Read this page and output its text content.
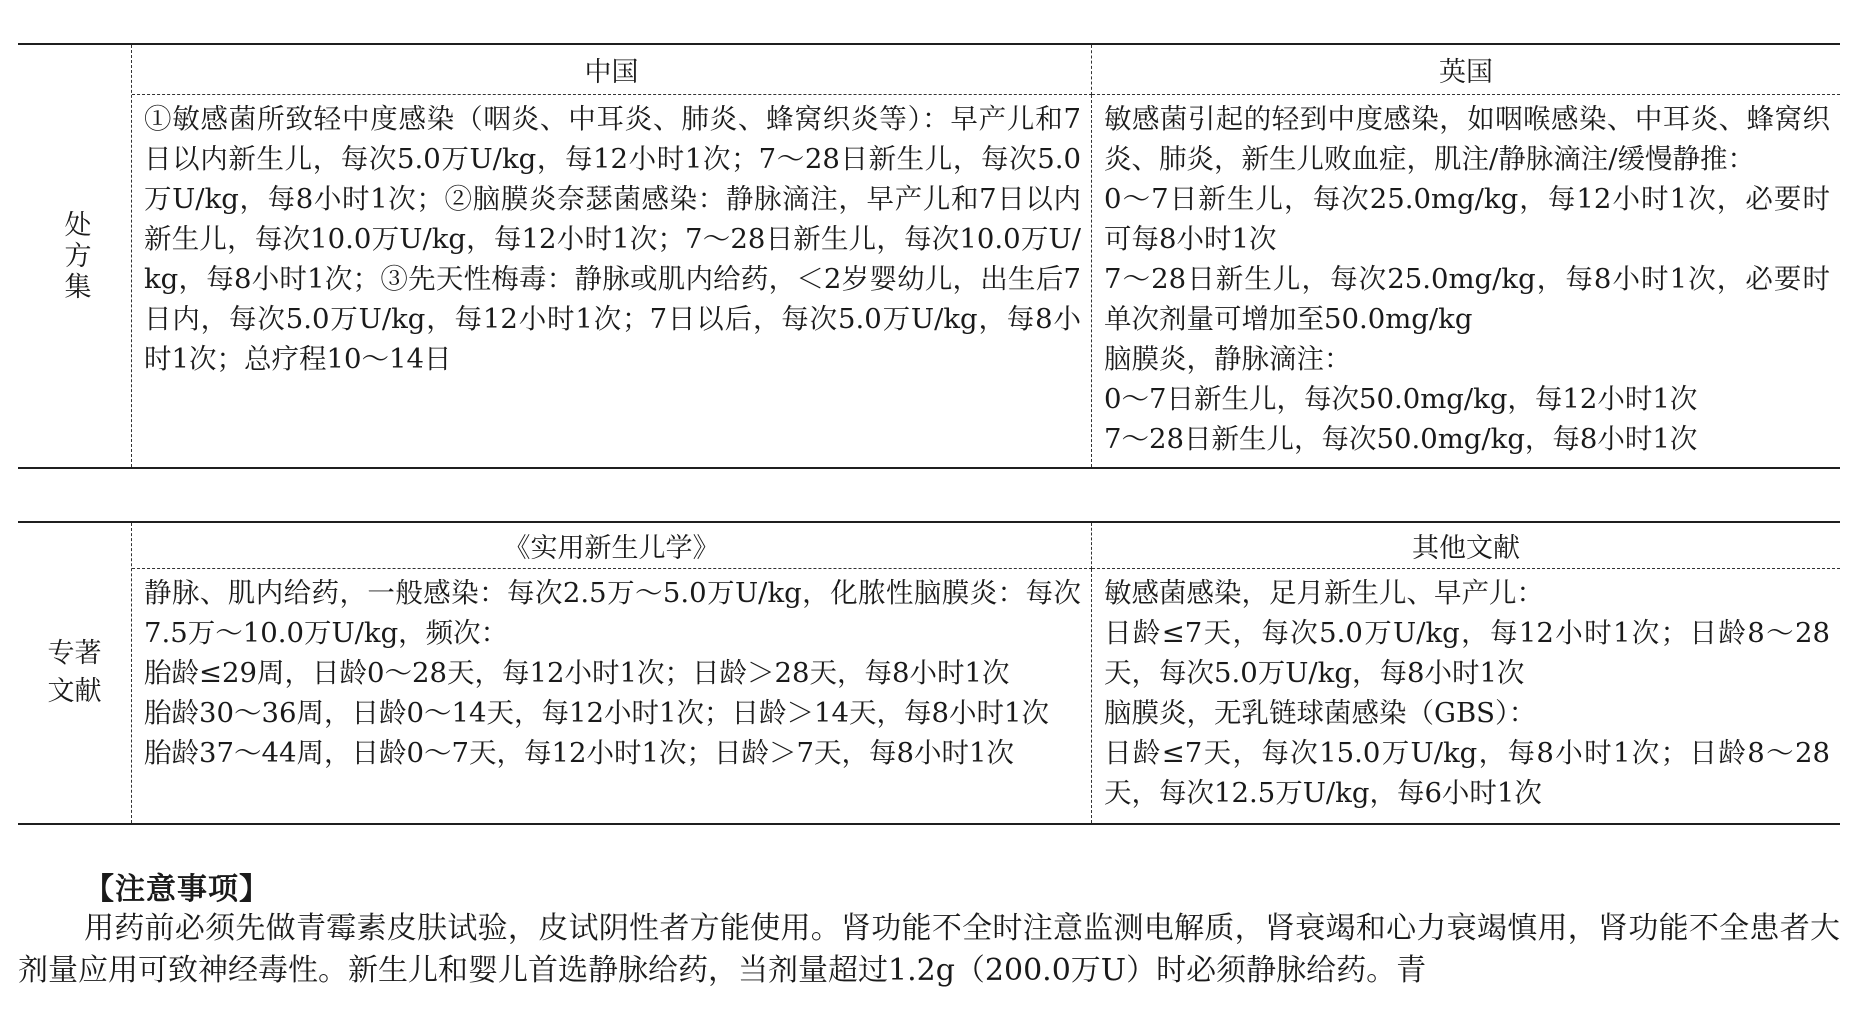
处方集
中国	英国
①敏感菌所致轻中度感染（咽炎、中耳炎、肺炎、蜂窝织炎等）：早产儿和7日以内新生儿，每次5.0万U/kg，每12小时1次；7～28日新生儿，每次5.0万U/kg，每8小时1次；②脑膜炎奈瑟菌感染：静脉滴注，早产儿和7日以内新生儿，每次10.0万U/kg，每12小时1次；7～28日新生儿，每次10.0万U/kg，每8小时1次；③先天性梅毒：静脉或肌内给药，＜2岁婴幼儿，出生后7日内，每次5.0万U/kg，每12小时1次；7日以后，每次5.0万U/kg，每8小时1次；总疗程10～14日
敏感菌引起的轻到中度感染，如咽喉感染、中耳炎、蜂窝织炎、肺炎，新生儿败血症，肌注/静脉滴注/缓慢静推：
0～7日新生儿，每次25.0mg/kg，每12小时1次，必要时可每8小时1次
7～28日新生儿，每次25.0mg/kg，每8小时1次，必要时单次剂量可增加至50.0mg/kg
脑膜炎，静脉滴注：
0～7日新生儿，每次50.0mg/kg，每12小时1次
7～28日新生儿，每次50.0mg/kg，每8小时1次
专著
文献
《实用新生儿学》	其他文献
静脉、肌内给药，一般感染：每次2.5万～5.0万U/kg，化脓性脑膜炎：每次7.5万～10.0万U/kg，频次：
胎龄≤29周，日龄0～28天，每12小时1次；日龄＞28天，每8小时1次
胎龄30～36周，日龄0～14天，每12小时1次；日龄＞14天，每8小时1次
胎龄37～44周，日龄0～7天，每12小时1次；日龄＞7天，每8小时1次
敏感菌感染，足月新生儿、早产儿：
日龄≤7天，每次5.0万U/kg，每12小时1次；日龄8～28天，每次5.0万U/kg，每8小时1次
脑膜炎，无乳链球菌感染（GBS）：
日龄≤7天，每次15.0万U/kg，每8小时1次；日龄8～28天，每次12.5万U/kg，每6小时1次
【注意事项】
用药前必须先做青霉素皮肤试验，皮试阴性者方能使用。肾功能不全时注意监测电解质，肾衰竭和心力衰竭慎用，肾功能不全患者大剂量应用可致神经毒性。新生儿和婴儿首选静脉给药，当剂量超过1.2g（200.0万U）时必须静脉给药。青
